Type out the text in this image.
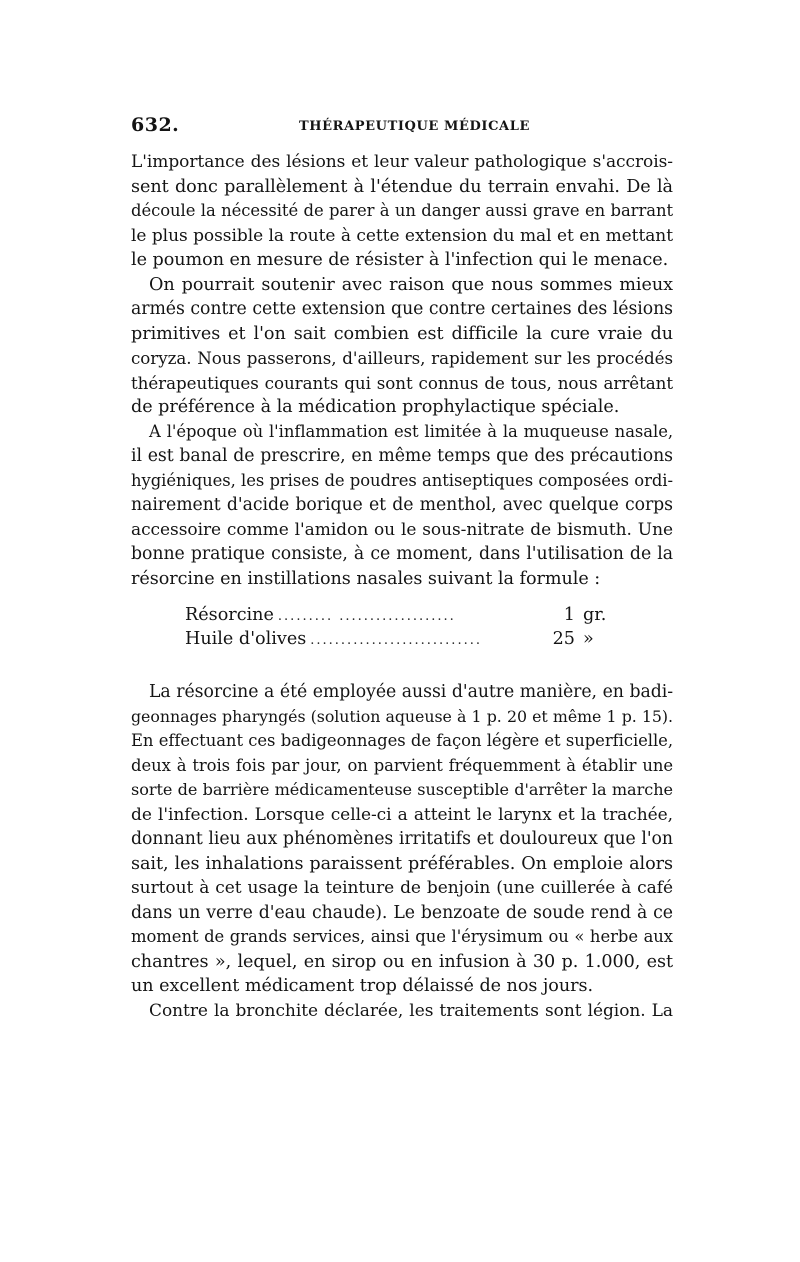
632.	THÉRAPEUTIQUE MÉDICALE

L'importance des lésions et leur valeur pathologique s'accrois-
sent donc parallèlement à l'étendue du terrain envahi. De là
découle la nécessité de parer à un danger aussi grave en barrant
le plus possible la route à cette extension du mal et en mettant
le poumon en mesure de résister à l'infection qui le menace.

On pourrait soutenir avec raison que nous sommes mieux
armés contre cette extension que contre certaines des lésions
primitives et l'on sait combien est difficile la cure vraie du
coryza. Nous passerons, d'ailleurs, rapidement sur les procédés
thérapeutiques courants qui sont connus de tous, nous arrêtant
de préférence à la médication prophylactique spéciale.

A l'époque où l'inflammation est limitée à la muqueuse nasale,
il est banal de prescrire, en même temps que des précautions
hygiéniques, les prises de poudres antiseptiques composées ordi-
nairement d'acide borique et de menthol, avec quelque corps
accessoire comme l'amidon ou le sous-nitrate de bismuth. Une
bonne pratique consiste, à ce moment, dans l'utilisation de la
résorcine en instillations nasales suivant la formule :

Résorcine ......... ...................	1 gr.
Huile d'olives ............................	25 »

La résorcine a été employée aussi d'autre manière, en badi-
geonnages pharyngés (solution aqueuse à 1 p. 20 et même 1 p. 15).
En effectuant ces badigeonnages de façon légère et superficielle,
deux à trois fois par jour, on parvient fréquemment à établir une
sorte de barrière médicamenteuse susceptible d'arrêter la marche
de l'infection. Lorsque celle-ci a atteint le larynx et la trachée,
donnant lieu aux phénomènes irritatifs et douloureux que l'on
sait, les inhalations paraissent préférables. On emploie alors
surtout à cet usage la teinture de benjoin (une cuillerée à café
dans un verre d'eau chaude). Le benzoate de soude rend à ce
moment de grands services, ainsi que l'érysimum ou « herbe aux
chantres », lequel, en sirop ou en infusion à 30 p. 1.000, est
un excellent médicament trop délaissé de nos jours.

Contre la bronchite déclarée, les traitements sont légion. La
